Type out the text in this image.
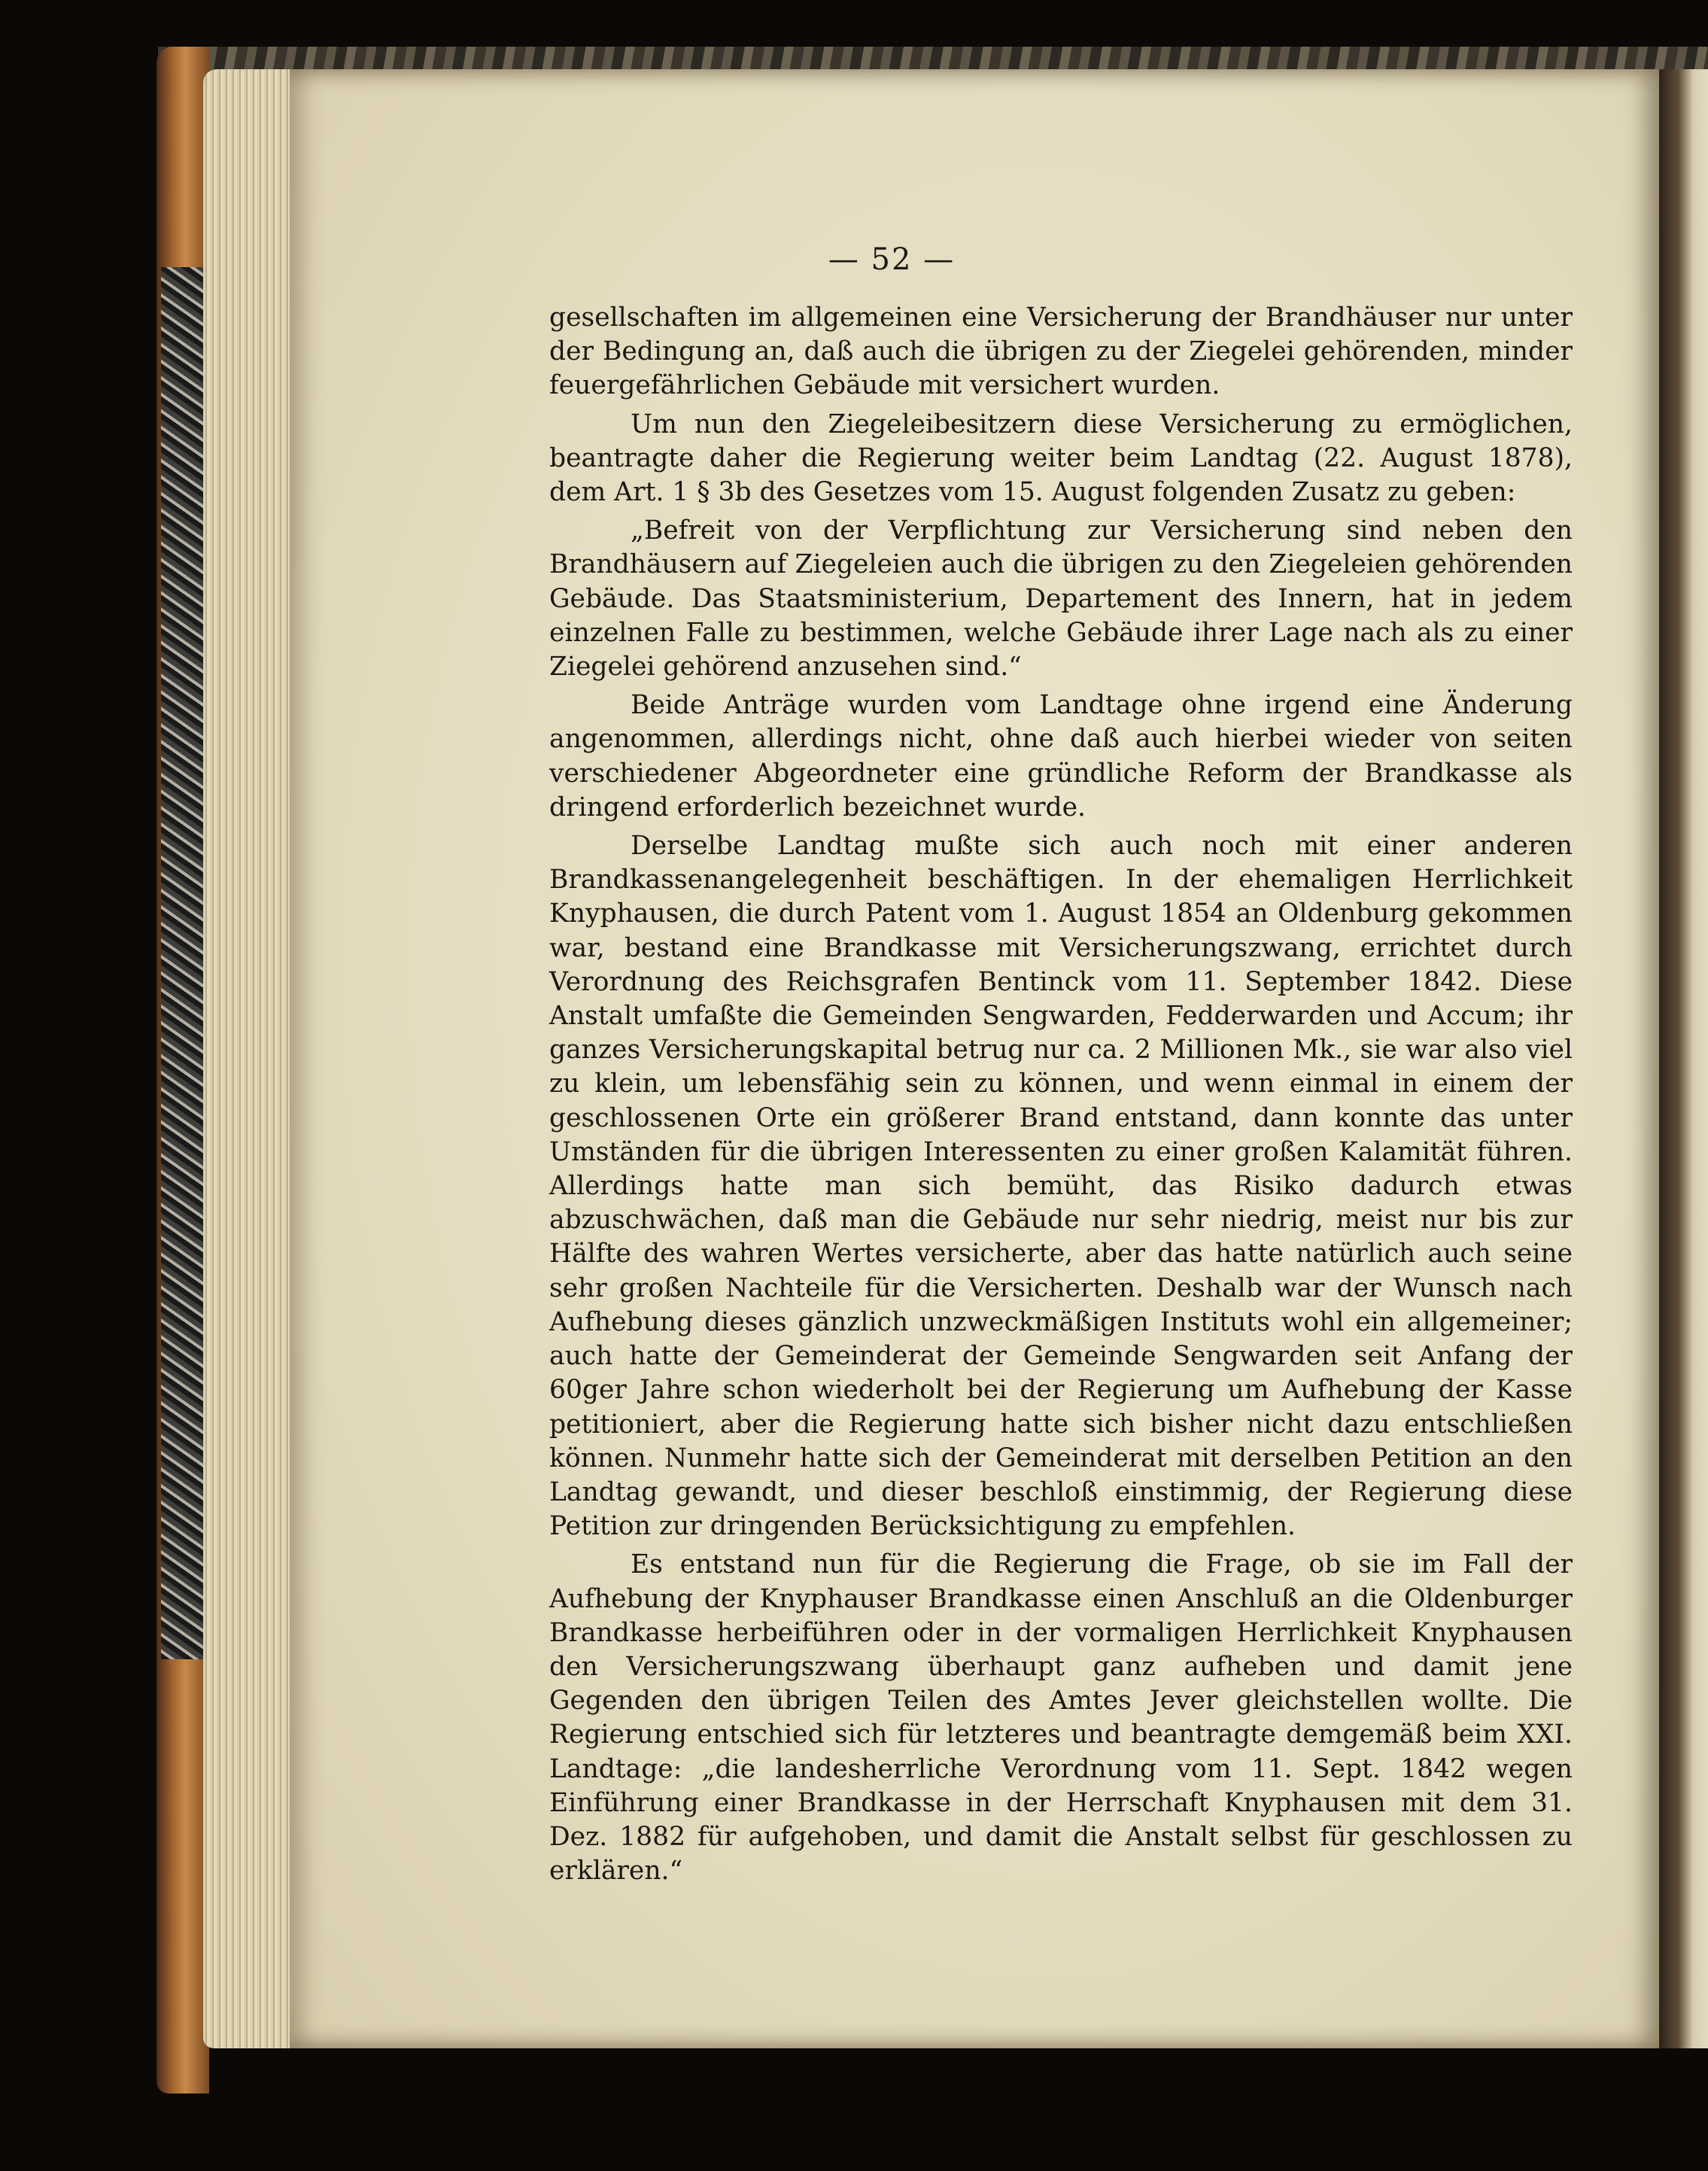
— 52 —

gesellschaften im allgemeinen eine Versicherung der Brandhäuser nur unter der Bedingung an, daß auch die übrigen zu der Ziegelei gehörenden, minder feuergefährlichen Gebäude mit versichert wurden.

Um nun den Ziegeleibesitzern diese Versicherung zu ermöglichen, beantragte daher die Regierung weiter beim Landtag (22. August 1878), dem Art. 1 § 3b des Gesetzes vom 15. August folgenden Zusatz zu geben:

„Befreit von der Verpflichtung zur Versicherung sind neben den Brandhäusern auf Ziegeleien auch die übrigen zu den Ziegeleien gehörenden Gebäude. Das Staatsministerium, Departement des Innern, hat in jedem einzelnen Falle zu bestimmen, welche Gebäude ihrer Lage nach als zu einer Ziegelei gehörend anzusehen sind.“

Beide Anträge wurden vom Landtage ohne irgend eine Änderung angenommen, allerdings nicht, ohne daß auch hierbei wieder von seiten verschiedener Abgeordneter eine gründliche Reform der Brandkasse als dringend erforderlich bezeichnet wurde.

Derselbe Landtag mußte sich auch noch mit einer anderen Brandkassenangelegenheit beschäftigen. In der ehemaligen Herrlichkeit Knyphausen, die durch Patent vom 1. August 1854 an Oldenburg gekommen war, bestand eine Brandkasse mit Versicherungszwang, errichtet durch Verordnung des Reichsgrafen Bentinck vom 11. September 1842. Diese Anstalt umfaßte die Gemeinden Sengwarden, Fedderwarden und Accum; ihr ganzes Versicherungskapital betrug nur ca. 2 Millionen Mk., sie war also viel zu klein, um lebensfähig sein zu können, und wenn einmal in einem der geschlossenen Orte ein größerer Brand entstand, dann konnte das unter Umständen für die übrigen Interessenten zu einer großen Kalamität führen. Allerdings hatte man sich bemüht, das Risiko dadurch etwas abzuschwächen, daß man die Gebäude nur sehr niedrig, meist nur bis zur Hälfte des wahren Wertes versicherte, aber das hatte natürlich auch seine sehr großen Nachteile für die Versicherten. Deshalb war der Wunsch nach Aufhebung dieses gänzlich unzweckmäßigen Instituts wohl ein allgemeiner; auch hatte der Gemeinderat der Gemeinde Sengwarden seit Anfang der 60ger Jahre schon wiederholt bei der Regierung um Aufhebung der Kasse petitioniert, aber die Regierung hatte sich bisher nicht dazu entschließen können. Nunmehr hatte sich der Gemeinderat mit derselben Petition an den Landtag gewandt, und dieser beschloß einstimmig, der Regierung diese Petition zur dringenden Berücksichtigung zu empfehlen.

Es entstand nun für die Regierung die Frage, ob sie im Fall der Aufhebung der Knyphauser Brandkasse einen Anschluß an die Oldenburger Brandkasse herbeiführen oder in der vormaligen Herrlichkeit Knyphausen den Versicherungszwang überhaupt ganz aufheben und damit jene Gegenden den übrigen Teilen des Amtes Jever gleichstellen wollte. Die Regierung entschied sich für letzteres und beantragte demgemäß beim XXI. Landtage: „die landesherrliche Verordnung vom 11. Sept. 1842 wegen Einführung einer Brandkasse in der Herrschaft Knyphausen mit dem 31. Dez. 1882 für aufgehoben, und damit die Anstalt selbst für geschlossen zu erklären.“
